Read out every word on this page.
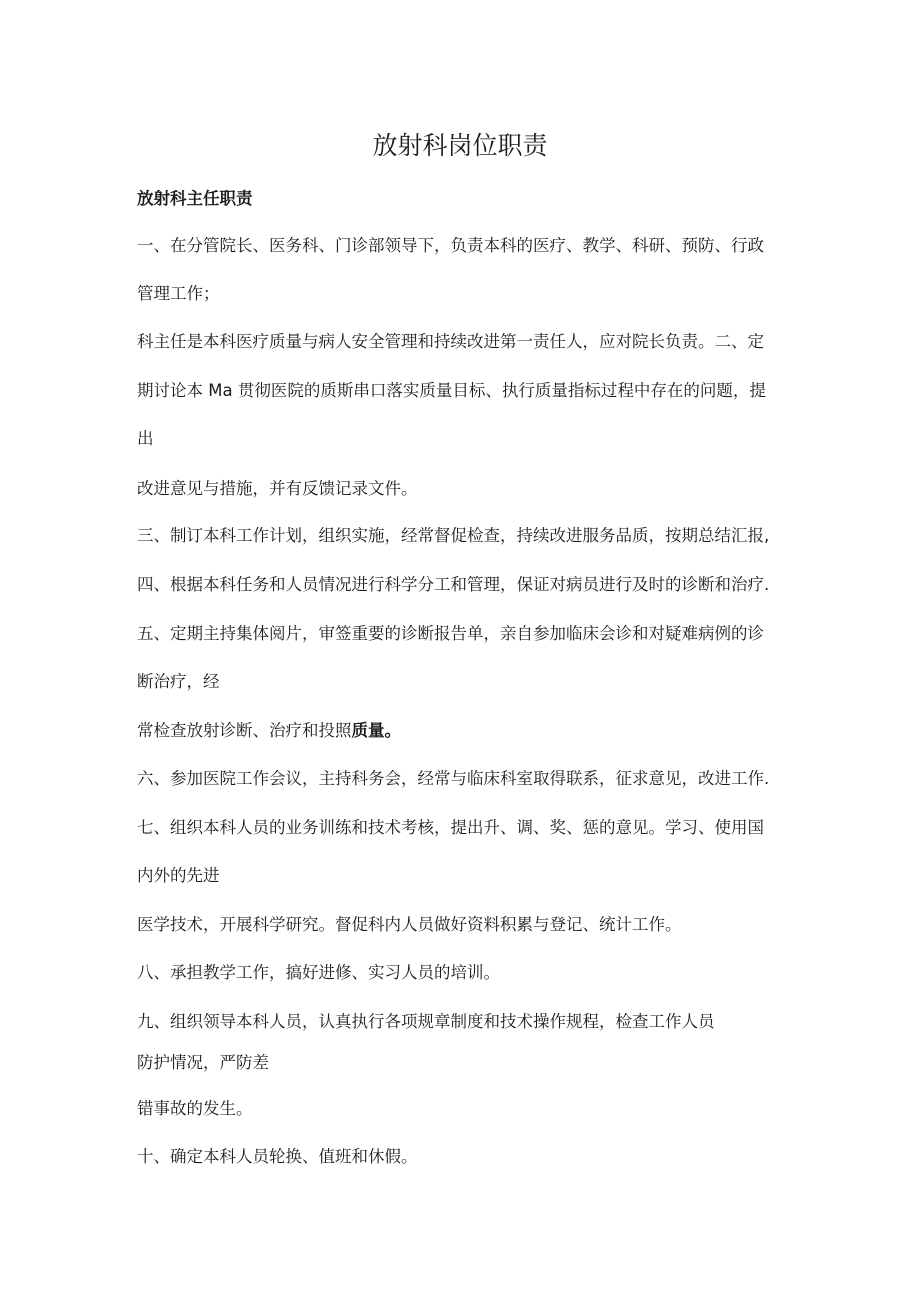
放射科岗位职责

放射科主任职责

一、在分管院长、医务科、门诊部领导下，负责本科的医疗、教学、科研、预防、行政

管理工作；

科主任是本科医疗质量与病人安全管理和持续改进第一责任人，应对院长负责。二、定

期讨论本 Ma 贯彻医院的质斯串口落实质量目标、执行质量指标过程中存在的问题，提

出

改进意见与措施，并有反馈记录文件。

三、制订本科工作计划，组织实施，经常督促检查，持续改进服务品质，按期总结汇报,

四、根据本科任务和人员情况进行科学分工和管理，保证对病员进行及时的诊断和治疗.

五、定期主持集体阅片，审签重要的诊断报告单，亲自参加临床会诊和对疑难病例的诊

断治疗，经

常检查放射诊断、治疗和投照质量。

六、参加医院工作会议，主持科务会，经常与临床科室取得联系，征求意见，改进工作.

七、组织本科人员的业务训练和技术考核，提出升、调、奖、惩的意见。学习、使用国

内外的先进

医学技术，开展科学研究。督促科内人员做好资料积累与登记、统计工作。

八、承担教学工作，搞好进修、实习人员的培训。

九、组织领导本科人员，认真执行各项规章制度和技术操作规程，检查工作人员

防护情况，严防差

错事故的发生。

十、确定本科人员轮换、值班和休假。
